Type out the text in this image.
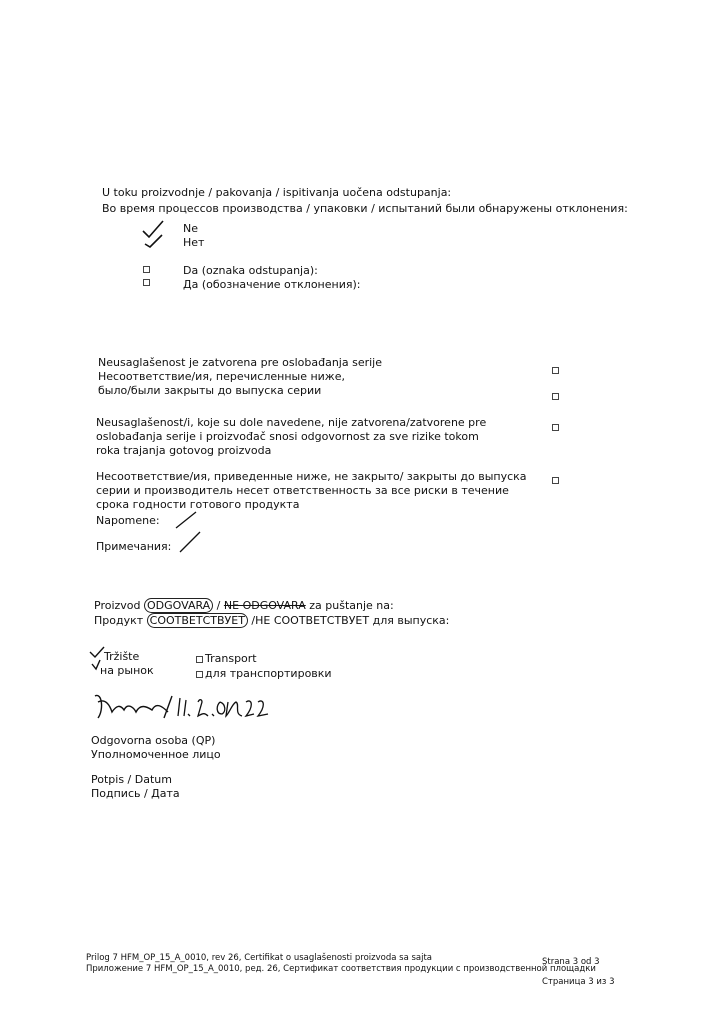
U toku proizvodnje / pakovanja / ispitivanja uočena odstupanja:
Во время процессов производства / упаковки / испытаний были обнаружены отклонения:
Ne
Нет
Da (oznaka odstupanja):
Да (обозначение отклонения):
Neusaglašenost je zatvorena pre oslobađanja serije
Несоответствие/ия, перечисленные ниже,
было/были закрыты до выпуска серии
Neusaglašenost/i, koje su dole navedene, nije zatvorena/zatvorene pre
oslobađanja serije i proizvođač snosi odgovornost za sve rizike tokom
roka trajanja gotovog proizvoda
Несоответствие/ия, приведенные ниже, не закрыто/ закрыты до выпуска
серии и производитель несет ответственность за все риски в течение
срока годности готового продукта
Napomene:
Примечания:
Proizvod ODGOVARA / NE ODGOVARA za puštanje na:
Продукт СООТВЕТСТВУЕТ /НЕ СООТВЕТСТВУЕТ для выпуска:
Tržište
на рынок
Transport
для транспортировки
Odgovorna osoba (QP)
Уполномоченное лицо
Potpis / Datum
Подпись / Дата
Prilog 7 HFM_OP_15_A_0010, rev 26, Certifikat o usaglašenosti proizvoda sa sajta
Приложение 7 HFM_OP_15_A_0010, ред. 26, Сертификат соответствия продукции с производственной площадки
Strana 3 od 3
Страница 3 из 3
